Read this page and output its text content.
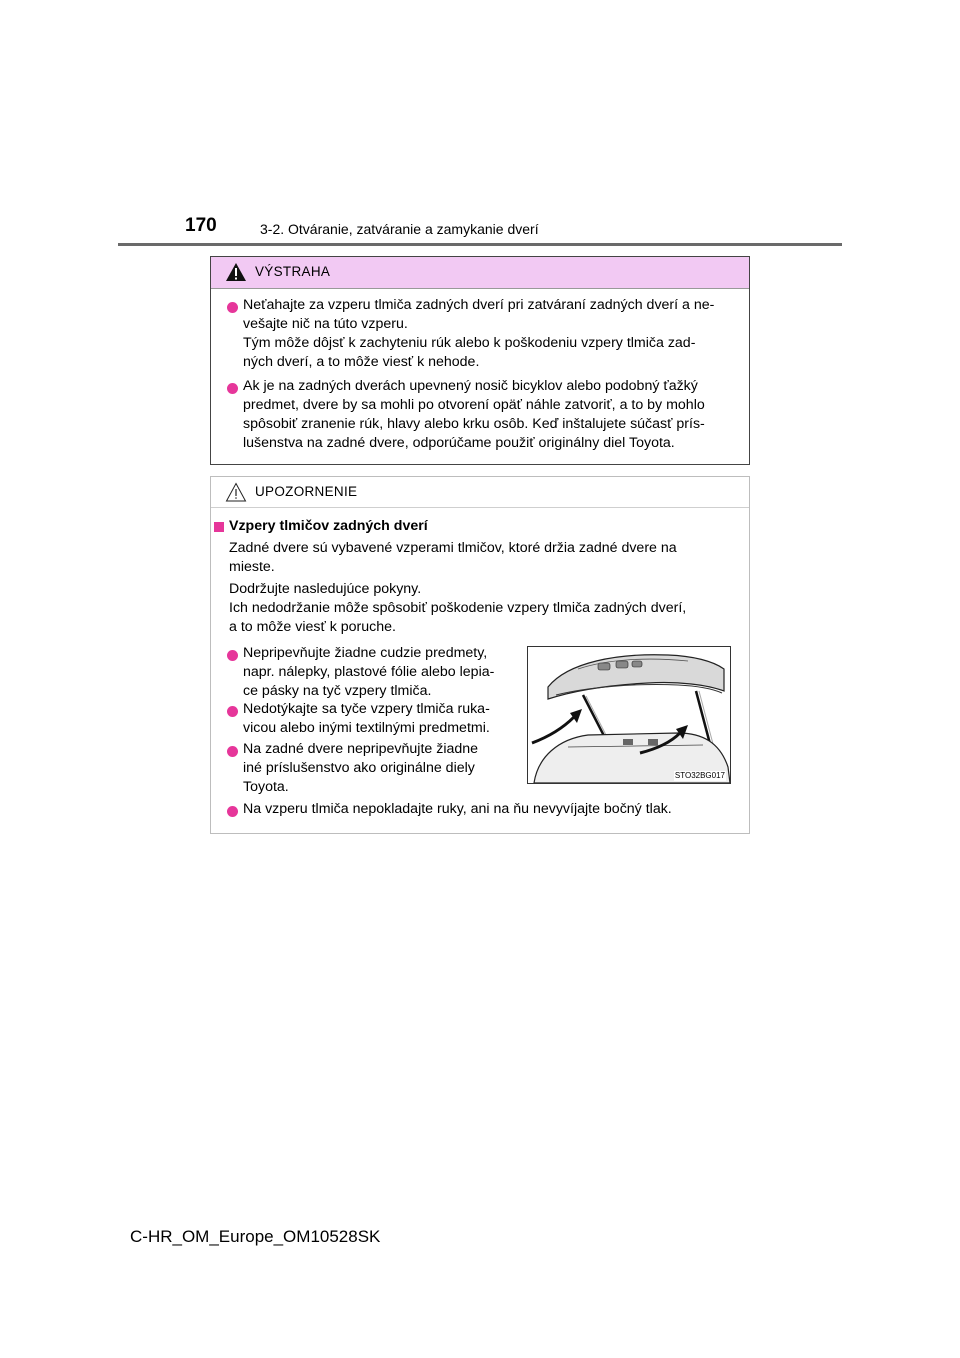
170	3-2. Otváranie, zatváranie a zamykanie dverí
VÝSTRAHA

Neťahajte za vzperu tlmiča zadných dverí pri zatváraní zadných dverí a ne-

vešajte nič na túto vzperu.

Tým môže dôjsť k zachyteniu rúk alebo k poškodeniu vzpery tlmiča zad-

ných dverí, a to môže viesť k nehode.

Ak je na zadných dverách upevnený nosič bicyklov alebo podobný ťažký

predmet, dvere by sa mohli po otvorení opäť náhle zatvoriť, a to by mohlo

spôsobiť zranenie rúk, hlavy alebo krku osôb. Keď inštalujete súčasť prís-

lušenstva na zadné dvere, odporúčame použiť originálny diel Toyota.

UPOZORNENIE

Vzpery tlmičov zadných dverí

Zadné dvere sú vybavené vzperami tlmičov, ktoré držia zadné dvere na

mieste.

Dodržujte nasledujúce pokyny.

Ich nedodržanie môže spôsobiť poškodenie vzpery tlmiča zadných dverí,

a to môže viesť k poruche.

Nepripevňujte žiadne cudzie predmety,

napr. nálepky, plastové fólie alebo lepia-

ce pásky na tyč vzpery tlmiča.

Nedotýkajte sa tyče vzpery tlmiča ruka-

vicou alebo inými textilnými predmetmi.

Na zadné dvere nepripevňujte žiadne

iné príslušenstvo ako originálne diely

Toyota.

Na vzperu tlmiča nepokladajte ruky, ani na ňu nevyvíjajte bočný tlak.

STO32BG017
C-HR_OM_Europe_OM10528SK
